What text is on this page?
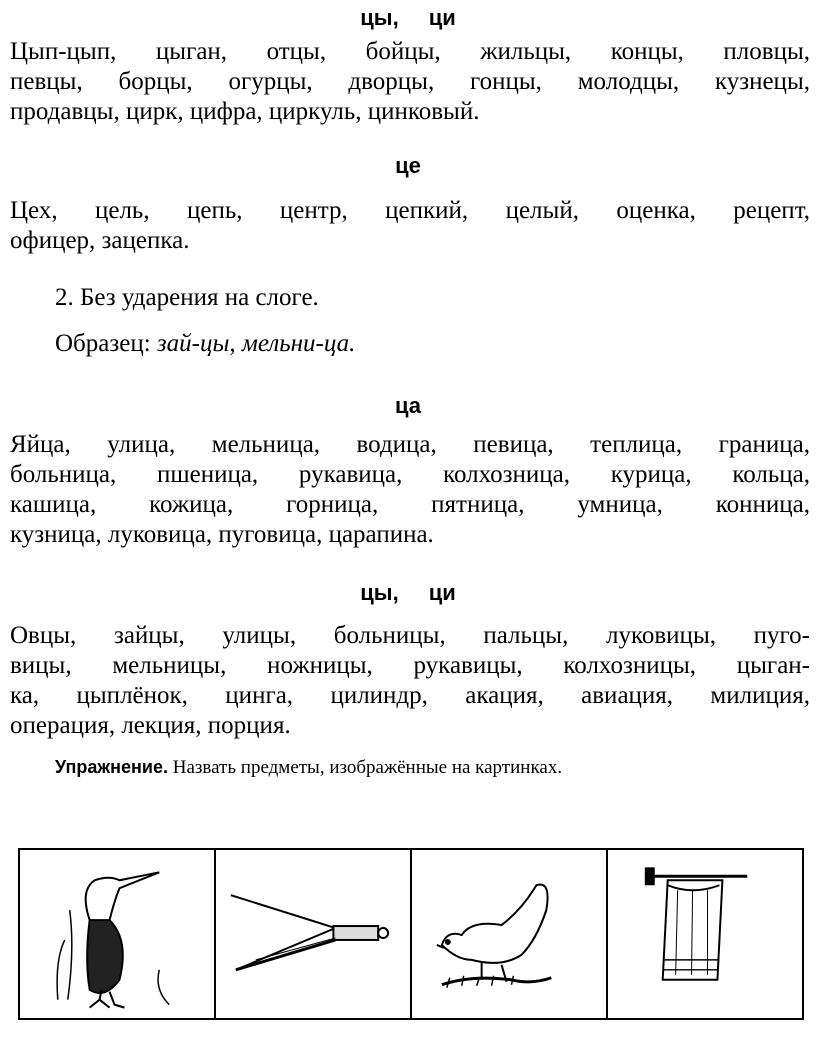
цы, ци
Цып-цып, цыган, отцы, бойцы, жильцы, концы, пловцы,
певцы, борцы, огурцы, дворцы, гонцы, молодцы, кузнецы,
продавцы, цирк, цифра, циркуль, цинковый.
це
Цех, цель, цепь, центр, цепкий, целый, оценка, рецепт,
офицер, зацепка.
2. Без ударения на слоге.
Образец: зай-цы, мельни-ца.
ца
Яйца, улица, мельница, водица, певица, теплица, граница,
больница, пшеница, рукавица, колхозница, курица, кольца,
кашица, кожица, горница, пятница, умница, конница,
кузница, луковица, пуговица, царапина.
цы, ци
Овцы, зайцы, улицы, больницы, пальцы, луковицы, пуго-
вицы, мельницы, ножницы, рукавицы, колхозницы, цыган-
ка, цыплёнок, цинга, цилиндр, акация, авиация, милиция,
операция, лекция, порция.
Упражнение. Назвать предметы, изображённые на картинках.
